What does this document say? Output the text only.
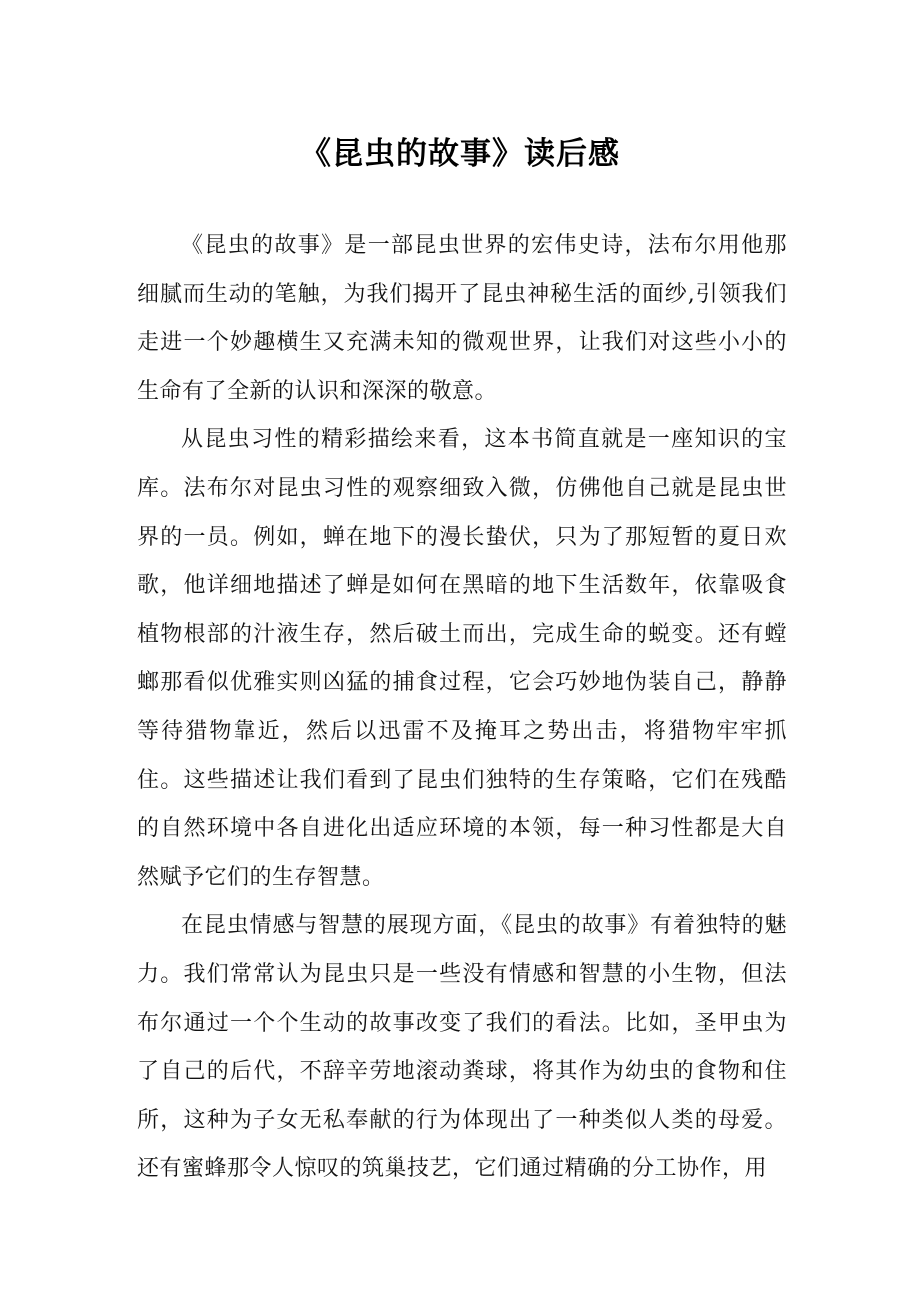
《昆虫的故事》读后感

《昆虫的故事》是一部昆虫世界的宏伟史诗，法布尔用他那细腻而生动的笔触，为我们揭开了昆虫神秘生活的面纱,引领我们走进一个妙趣横生又充满未知的微观世界，让我们对这些小小的生命有了全新的认识和深深的敬意。

从昆虫习性的精彩描绘来看，这本书简直就是一座知识的宝库。法布尔对昆虫习性的观察细致入微，仿佛他自己就是昆虫世界的一员。例如，蝉在地下的漫长蛰伏，只为了那短暂的夏日欢歌，他详细地描述了蝉是如何在黑暗的地下生活数年，依靠吸食植物根部的汁液生存，然后破土而出，完成生命的蜕变。还有螳螂那看似优雅实则凶猛的捕食过程，它会巧妙地伪装自己，静静等待猎物靠近，然后以迅雷不及掩耳之势出击，将猎物牢牢抓住。这些描述让我们看到了昆虫们独特的生存策略，它们在残酷的自然环境中各自进化出适应环境的本领，每一种习性都是大自然赋予它们的生存智慧。

在昆虫情感与智慧的展现方面，《昆虫的故事》有着独特的魅力。我们常常认为昆虫只是一些没有情感和智慧的小生物，但法布尔通过一个个生动的故事改变了我们的看法。比如，圣甲虫为了自己的后代，不辞辛劳地滚动粪球，将其作为幼虫的食物和住所，这种为子女无私奉献的行为体现出了一种类似人类的母爱。还有蜜蜂那令人惊叹的筑巢技艺，它们通过精确的分工协作，用
